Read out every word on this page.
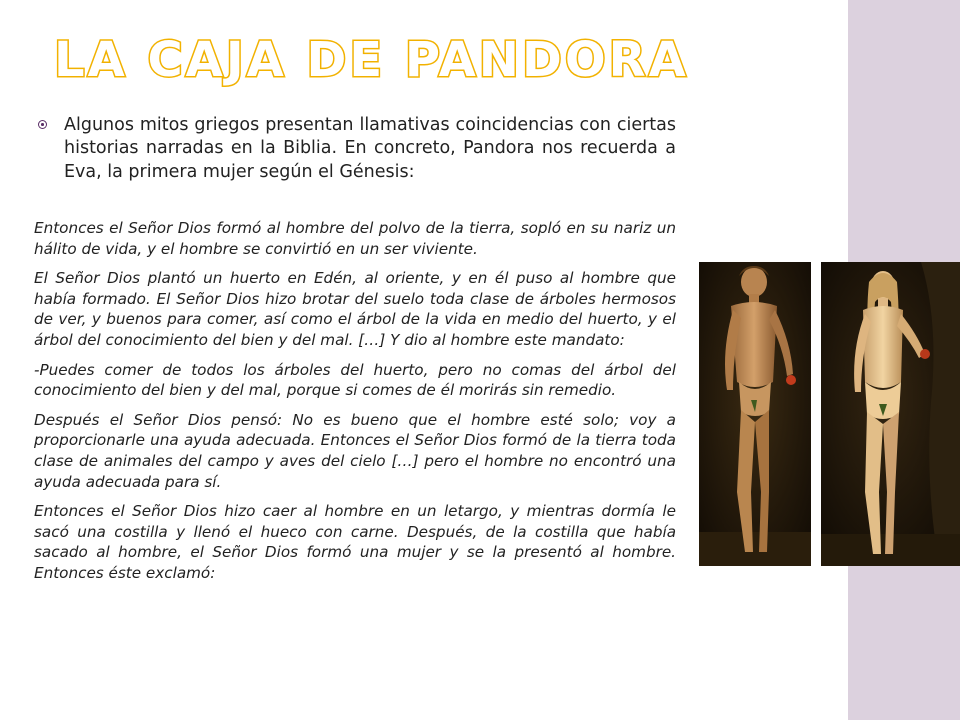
LA CAJA DE PANDORA
Algunos mitos griegos presentan llamativas coincidencias con ciertas historias narradas en la Biblia. En concreto, Pandora nos recuerda a Eva, la primera mujer según el Génesis:

Entonces el Señor Dios formó al hombre del polvo de la tierra, sopló en su nariz un hálito de vida, y el hombre se convirtió en un ser viviente.

El Señor Dios plantó un huerto en Edén, al oriente, y en él puso al hombre que había formado. El Señor Dios hizo brotar del suelo toda clase de árboles hermosos de ver, y buenos para comer, así como el árbol de la vida en medio del huerto, y el árbol del conocimiento del bien y del mal. […] Y dio al hombre este mandato:

-Puedes comer de todos los árboles del huerto, pero no comas del árbol del conocimiento del bien y del mal, porque si comes de él morirás sin remedio.

Después el Señor Dios pensó: No es bueno que el hombre esté solo; voy a proporcionarle una ayuda adecuada. Entonces el Señor Dios formó de la tierra toda clase de animales del campo y aves del cielo […] pero el hombre no encontró una ayuda adecuada para sí.

Entonces el Señor Dios hizo caer al hombre en un letargo, y mientras dormía le sacó una costilla y llenó el hueco con carne. Después, de la costilla que había sacado al hombre, el Señor Dios formó una mujer y se la presentó al hombre. Entonces éste exclamó:
